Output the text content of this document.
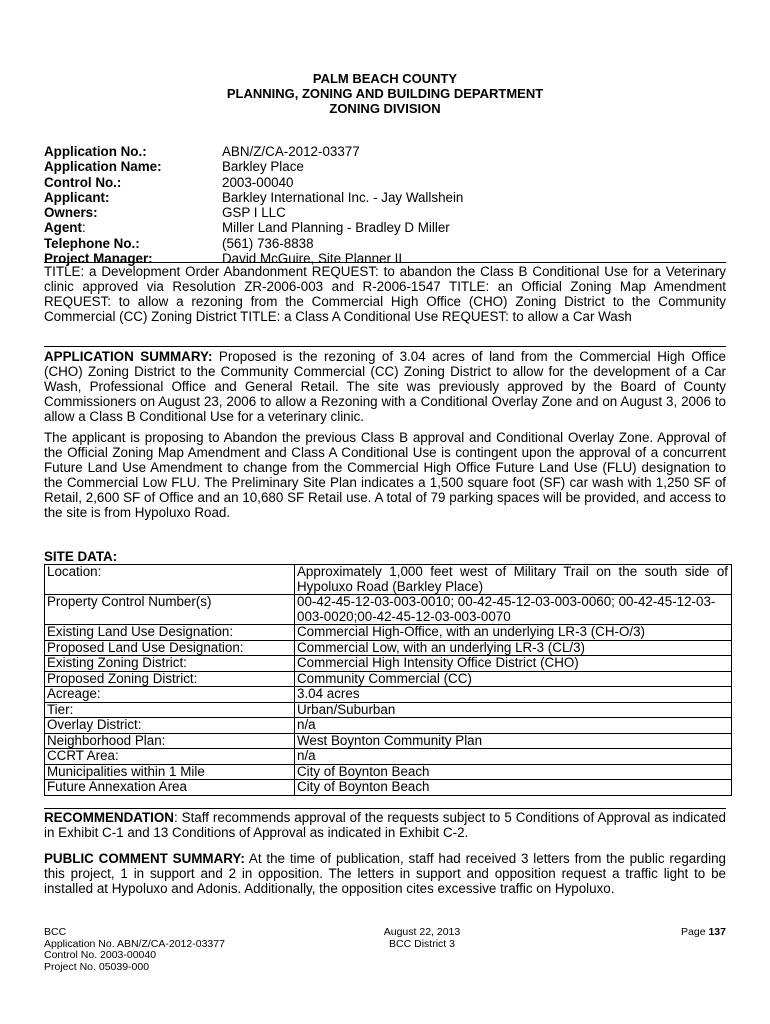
PALM BEACH COUNTY
PLANNING, ZONING AND BUILDING DEPARTMENT
ZONING DIVISION
Application No.:	ABN/Z/CA-2012-03377
Application Name:	Barkley Place
Control No.:	2003-00040
Applicant:	Barkley International Inc. - Jay Wallshein
Owners:	GSP I LLC
Agent:	Miller Land Planning - Bradley D Miller
Telephone No.:	(561) 736-8838
Project Manager:	David McGuire, Site Planner II
TITLE: a Development Order Abandonment REQUEST: to abandon the Class B Conditional Use for a Veterinary clinic approved via Resolution ZR-2006-003 and R-2006-1547 TITLE: an Official Zoning Map Amendment REQUEST: to allow a rezoning from the Commercial High Office (CHO) Zoning District to the Community Commercial (CC) Zoning District TITLE: a Class A Conditional Use REQUEST: to allow a Car Wash

APPLICATION SUMMARY: Proposed is the rezoning of 3.04 acres of land from the Commercial High Office (CHO) Zoning District to the Community Commercial (CC) Zoning District to allow for the development of a Car Wash, Professional Office and General Retail. The site was previously approved by the Board of County Commissioners on August 23, 2006 to allow a Rezoning with a Conditional Overlay Zone and on August 3, 2006 to allow a Class B Conditional Use for a veterinary clinic.

The applicant is proposing to Abandon the previous Class B approval and Conditional Overlay Zone. Approval of the Official Zoning Map Amendment and Class A Conditional Use is contingent upon the approval of a concurrent Future Land Use Amendment to change from the Commercial High Office Future Land Use (FLU) designation to the Commercial Low FLU. The Preliminary Site Plan indicates a 1,500 square foot (SF) car wash with 1,250 SF of Retail, 2,600 SF of Office and an 10,680 SF Retail use. A total of 79 parking spaces will be provided, and access to the site is from Hypoluxo Road.

SITE DATA:
Location:	Approximately 1,000 feet west of Military Trail on the south side of Hypoluxo Road (Barkley Place)
Property Control Number(s)	00-42-45-12-03-003-0010; 00-42-45-12-03-003-0060; 00-42-45-12-03-003-0020;00-42-45-12-03-003-0070
Existing Land Use Designation:	Commercial High-Office, with an underlying LR-3 (CH-O/3)
Proposed Land Use Designation:	Commercial Low, with an underlying LR-3 (CL/3)
Existing Zoning District:	Commercial High Intensity Office District (CHO)
Proposed Zoning District:	Community Commercial (CC)
Acreage:	3.04 acres
Tier:	Urban/Suburban
Overlay District:	n/a
Neighborhood Plan:	West Boynton Community Plan
CCRT Area:	n/a
Municipalities within 1 Mile	City of Boynton Beach
Future Annexation Area	City of Boynton Beach
RECOMMENDATION: Staff recommends approval of the requests subject to 5 Conditions of Approval as indicated in Exhibit C-1 and 13 Conditions of Approval as indicated in Exhibit C-2.
PUBLIC COMMENT SUMMARY: At the time of publication, staff had received 3 letters from the public regarding this project, 1 in support and 2 in opposition. The letters in support and opposition request a traffic light to be installed at Hypoluxo and Adonis. Additionally, the opposition cites excessive traffic on Hypoluxo.
BCC
Application No. ABN/Z/CA-2012-03377
Control No. 2003-00040
Project No. 05039-000
August 22, 2013
BCC District 3
Page 137
